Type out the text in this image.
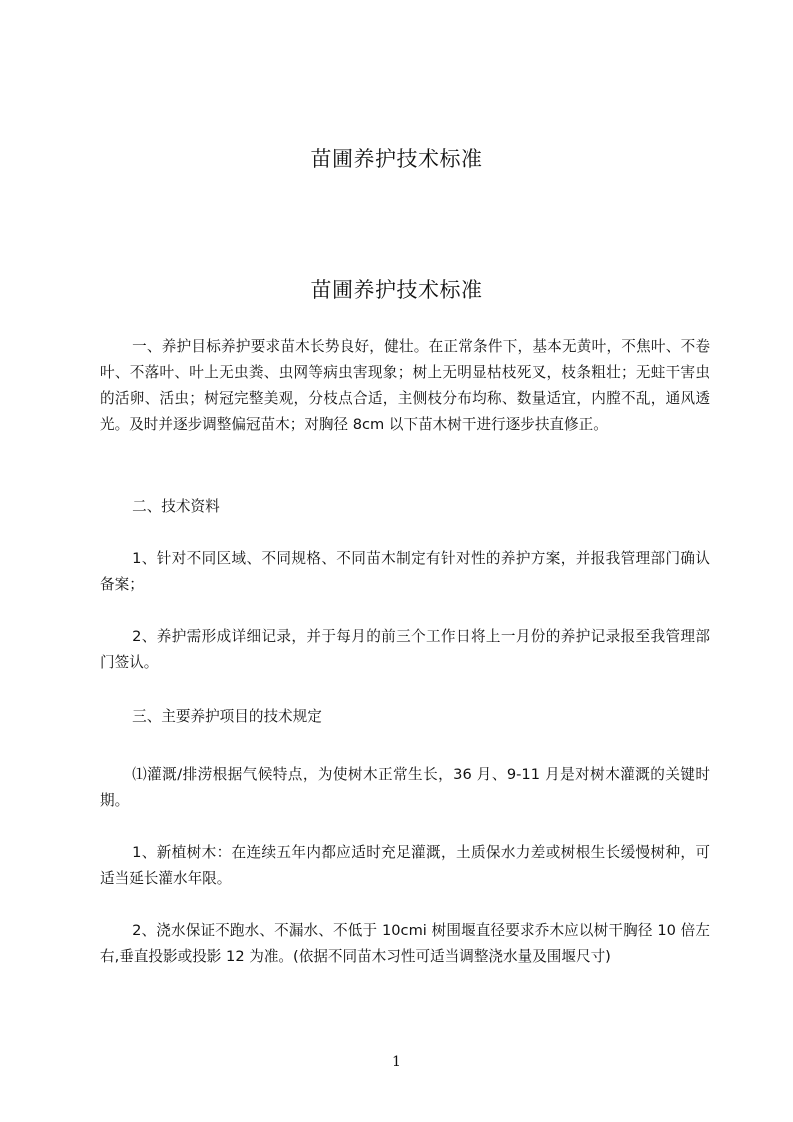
苗圃养护技术标准
苗圃养护技术标准

一、养护目标养护要求苗木长势良好，健壮。在正常条件下，基本无黄叶，不焦叶、不卷叶、不落叶、叶上无虫粪、虫网等病虫害现象；树上无明显枯枝死叉，枝条粗壮；无蛀干害虫的活卵、活虫；树冠完整美观，分枝点合适，主侧枝分布均称、数量适宜，内膛不乱，通风透光。及时并逐步调整偏冠苗木；对胸径 8cm 以下苗木树干进行逐步扶直修正。

二、技术资料

1、针对不同区域、不同规格、不同苗木制定有针对性的养护方案，并报我管理部门确认备案；

2、养护需形成详细记录，并于每月的前三个工作日将上一月份的养护记录报至我管理部门签认。

三、主要养护项目的技术规定

⑴灌溉/排涝根据气候特点，为使树木正常生长，36 月、9-11 月是对树木灌溉的关键时期。

1、新植树木：在连续五年内都应适时充足灌溉，土质保水力差或树根生长缓慢树种，可适当延长灌水年限。

2、浇水保证不跑水、不漏水、不低于 10cmi 树围堰直径要求乔木应以树干胸径 10 倍左右,垂直投影或投影 12 为准。(依据不同苗木习性可适当调整浇水量及围堰尺寸)

1
